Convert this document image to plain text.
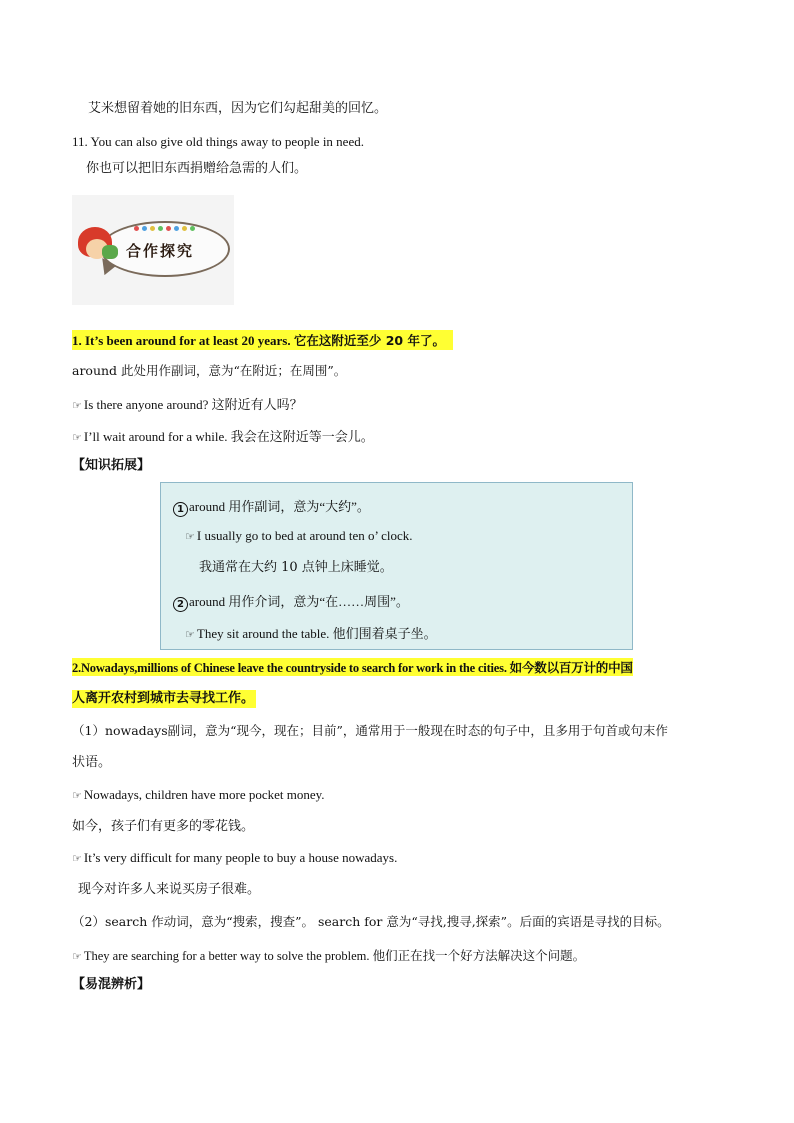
艾米想留着她的旧东西，因为它们勾起甜美的回忆。
11. You can also give old things away to people in need.
你也可以把旧东西捐赠给急需的人们。
合作探究
1. It’s been around for at least 20 years. 它在这附近至少 20 年了。
around 此处用作副词，意为“在附近；在周围”。
☞ Is there anyone around? 这附近有人吗？
☞ I’ll wait around for a while. 我会在这附近等一会儿。
【知识拓展】
1 around 用作副词，意为“大约”。
☞ I usually go to bed at around ten o’ clock.
我通常在大约 10 点钟上床睡觉。
2 around 用作介词，意为“在……周围”。
☞ They sit around the table. 他们围着桌子坐。
2.Nowadays,millions of Chinese leave the countryside to search for work in the cities. 如今数以百万计的中国
人离开农村到城市去寻找工作。
（1）nowadays副词，意为“现今，现在；目前”，通常用于一般现在时态的句子中，且多用于句首或句末作
状语。
☞ Nowadays, children have more pocket money.
如今，孩子们有更多的零花钱。
☞ It’s very difficult for many people to buy a house nowadays.
现今对许多人来说买房子很难。
（2）search 作动词，意为“搜索，搜查”。 search for 意为“寻找,搜寻,探索”。后面的宾语是寻找的目标。
☞ They are searching for a better way to solve the problem. 他们正在找一个好方法解决这个问题。
【易混辨析】
